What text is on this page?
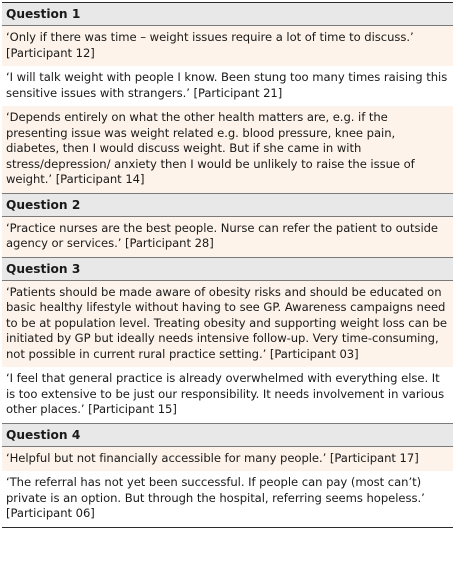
Question 1
‘Only if there was time – weight issues require a lot of time to discuss.’ [Participant 12]
‘I will talk weight with people I know. Been stung too many times raising this sensitive issues with strangers.’ [Participant 21]
‘Depends entirely on what the other health matters are, e.g. if the presenting issue was weight related e.g. blood pressure, knee pain, diabetes, then I would discuss weight. But if she came in with stress/depression/ anxiety then I would be unlikely to raise the issue of weight.’ [Participant 14]
Question 2
‘Practice nurses are the best people. Nurse can refer the patient to outside agency or services.’ [Participant 28]
Question 3
‘Patients should be made aware of obesity risks and should be educated on basic healthy lifestyle without having to see GP. Awareness campaigns need to be at population level. Treating obesity and supporting weight loss can be initiated by GP but ideally needs intensive follow-up. Very time-consuming, not possible in current rural practice setting.’ [Participant 03]
‘I feel that general practice is already overwhelmed with everything else. It is too extensive to be just our responsibility. It needs involvement in various other places.’ [Participant 15]
Question 4
‘Helpful but not financially accessible for many people.’ [Participant 17]
‘The referral has not yet been successful. If people can pay (most can’t) private is an option. But through the hospital, referring seems hopeless.’ [Participant 06]
